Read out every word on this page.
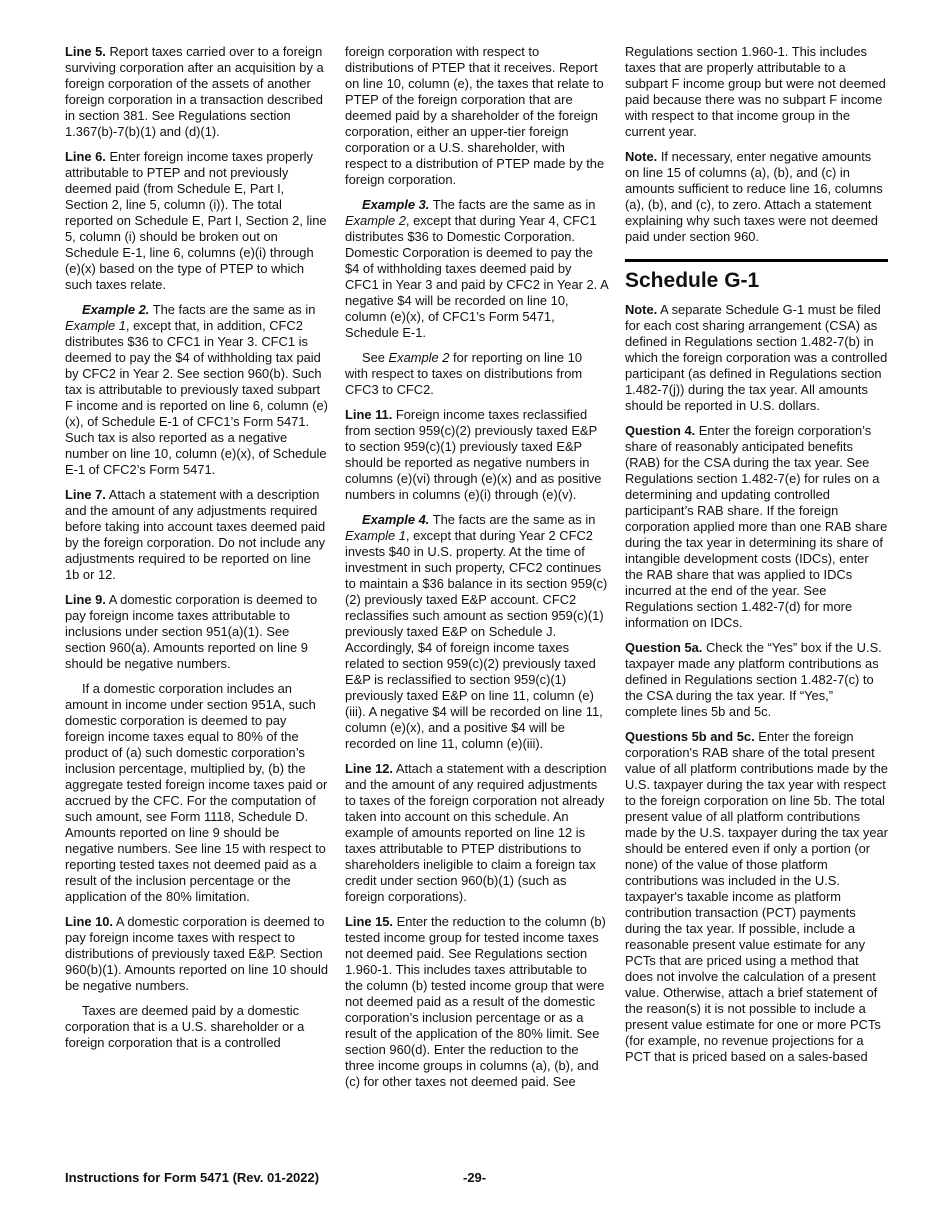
Line 5. Report taxes carried over to a foreign surviving corporation after an acquisition by a foreign corporation of the assets of another foreign corporation in a transaction described in section 381. See Regulations section 1.367(b)-7(b)(1) and (d)(1).

Line 6. Enter foreign income taxes properly attributable to PTEP and not previously deemed paid (from Schedule E, Part I, Section 2, line 5, column (i)). The total reported on Schedule E, Part I, Section 2, line 5, column (i) should be broken out on Schedule E-1, line 6, columns (e)(i) through (e)(x) based on the type of PTEP to which such taxes relate.

Example 2. The facts are the same as in Example 1, except that, in addition, CFC2 distributes $36 to CFC1 in Year 3. CFC1 is deemed to pay the $4 of withholding tax paid by CFC2 in Year 2. See section 960(b). Such tax is attributable to previously taxed subpart F income and is reported on line 6, column (e)(x), of Schedule E-1 of CFC1’s Form 5471. Such tax is also reported as a negative number on line 10, column (e)(x), of Schedule E-1 of CFC2’s Form 5471.

Line 7. Attach a statement with a description and the amount of any adjustments required before taking into account taxes deemed paid by the foreign corporation. Do not include any adjustments required to be reported on line 1b or 12.

Line 9. A domestic corporation is deemed to pay foreign income taxes attributable to inclusions under section 951(a)(1). See section 960(a). Amounts reported on line 9 should be negative numbers.

If a domestic corporation includes an amount in income under section 951A, such domestic corporation is deemed to pay foreign income taxes equal to 80% of the product of (a) such domestic corporation’s inclusion percentage, multiplied by, (b) the aggregate tested foreign income taxes paid or accrued by the CFC. For the computation of such amount, see Form 1118, Schedule D. Amounts reported on line 9 should be negative numbers. See line 15 with respect to reporting tested taxes not deemed paid as a result of the inclusion percentage or the application of the 80% limitation.

Line 10. A domestic corporation is deemed to pay foreign income taxes with respect to distributions of previously taxed E&P. Section 960(b)(1). Amounts reported on line 10 should be negative numbers.

Taxes are deemed paid by a domestic corporation that is a U.S. shareholder or a foreign corporation that is a controlled

foreign corporation with respect to distributions of PTEP that it receives. Report on line 10, column (e), the taxes that relate to PTEP of the foreign corporation that are deemed paid by a shareholder of the foreign corporation, either an upper-tier foreign corporation or a U.S. shareholder, with respect to a distribution of PTEP made by the foreign corporation.

Example 3. The facts are the same as in Example 2, except that during Year 4, CFC1 distributes $36 to Domestic Corporation. Domestic Corporation is deemed to pay the $4 of withholding taxes deemed paid by CFC1 in Year 3 and paid by CFC2 in Year 2. A negative $4 will be recorded on line 10, column (e)(x), of CFC1’s Form 5471, Schedule E-1.

See Example 2 for reporting on line 10 with respect to taxes on distributions from CFC3 to CFC2.

Line 11. Foreign income taxes reclassified from section 959(c)(2) previously taxed E&P to section 959(c)(1) previously taxed E&P should be reported as negative numbers in columns (e)(vi) through (e)(x) and as positive numbers in columns (e)(i) through (e)(v).

Example 4. The facts are the same as in Example 1, except that during Year 2 CFC2 invests $40 in U.S. property. At the time of investment in such property, CFC2 continues to maintain a $36 balance in its section 959(c)(2) previously taxed E&P account. CFC2 reclassifies such amount as section 959(c)(1) previously taxed E&P on Schedule J. Accordingly, $4 of foreign income taxes related to section 959(c)(2) previously taxed E&P is reclassified to section 959(c)(1) previously taxed E&P on line 11, column (e)(iii). A negative $4 will be recorded on line 11, column (e)(x), and a positive $4 will be recorded on line 11, column (e)(iii).

Line 12. Attach a statement with a description and the amount of any required adjustments to taxes of the foreign corporation not already taken into account on this schedule. An example of amounts reported on line 12 is taxes attributable to PTEP distributions to shareholders ineligible to claim a foreign tax credit under section 960(b)(1) (such as foreign corporations).

Line 15. Enter the reduction to the column (b) tested income group for tested income taxes not deemed paid. See Regulations section 1.960-1. This includes taxes attributable to the column (b) tested income group that were not deemed paid as a result of the domestic corporation’s inclusion percentage or as a result of the application of the 80% limit. See section 960(d). Enter the reduction to the three income groups in columns (a), (b), and (c) for other taxes not deemed paid. See

Regulations section 1.960-1. This includes taxes that are properly attributable to a subpart F income group but were not deemed paid because there was no subpart F income with respect to that income group in the current year.

Note. If necessary, enter negative amounts on line 15 of columns (a), (b), and (c) in amounts sufficient to reduce line 16, columns (a), (b), and (c), to zero. Attach a statement explaining why such taxes were not deemed paid under section 960.

Schedule G-1

Note. A separate Schedule G-1 must be filed for each cost sharing arrangement (CSA) as defined in Regulations section 1.482-7(b) in which the foreign corporation was a controlled participant (as defined in Regulations section 1.482-7(j)) during the tax year. All amounts should be reported in U.S. dollars.

Question 4. Enter the foreign corporation’s share of reasonably anticipated benefits (RAB) for the CSA during the tax year. See Regulations section 1.482-7(e) for rules on a determining and updating controlled participant’s RAB share. If the foreign corporation applied more than one RAB share during the tax year in determining its share of intangible development costs (IDCs), enter the RAB share that was applied to IDCs incurred at the end of the year. See Regulations section 1.482-7(d) for more information on IDCs.

Question 5a. Check the “Yes” box if the U.S. taxpayer made any platform contributions as defined in Regulations section 1.482-7(c) to the CSA during the tax year. If “Yes,” complete lines 5b and 5c.

Questions 5b and 5c. Enter the foreign corporation's RAB share of the total present value of all platform contributions made by the U.S. taxpayer during the tax year with respect to the foreign corporation on line 5b. The total present value of all platform contributions made by the U.S. taxpayer during the tax year should be entered even if only a portion (or none) of the value of those platform contributions was included in the U.S. taxpayer's taxable income as platform contribution transaction (PCT) payments during the tax year. If possible, include a reasonable present value estimate for any PCTs that are priced using a method that does not involve the calculation of a present value. Otherwise, attach a brief statement of the reason(s) it is not possible to include a present value estimate for one or more PCTs (for example, no revenue projections for a PCT that is priced based on a sales-based

Instructions for Form 5471 (Rev. 01-2022)	-29-
